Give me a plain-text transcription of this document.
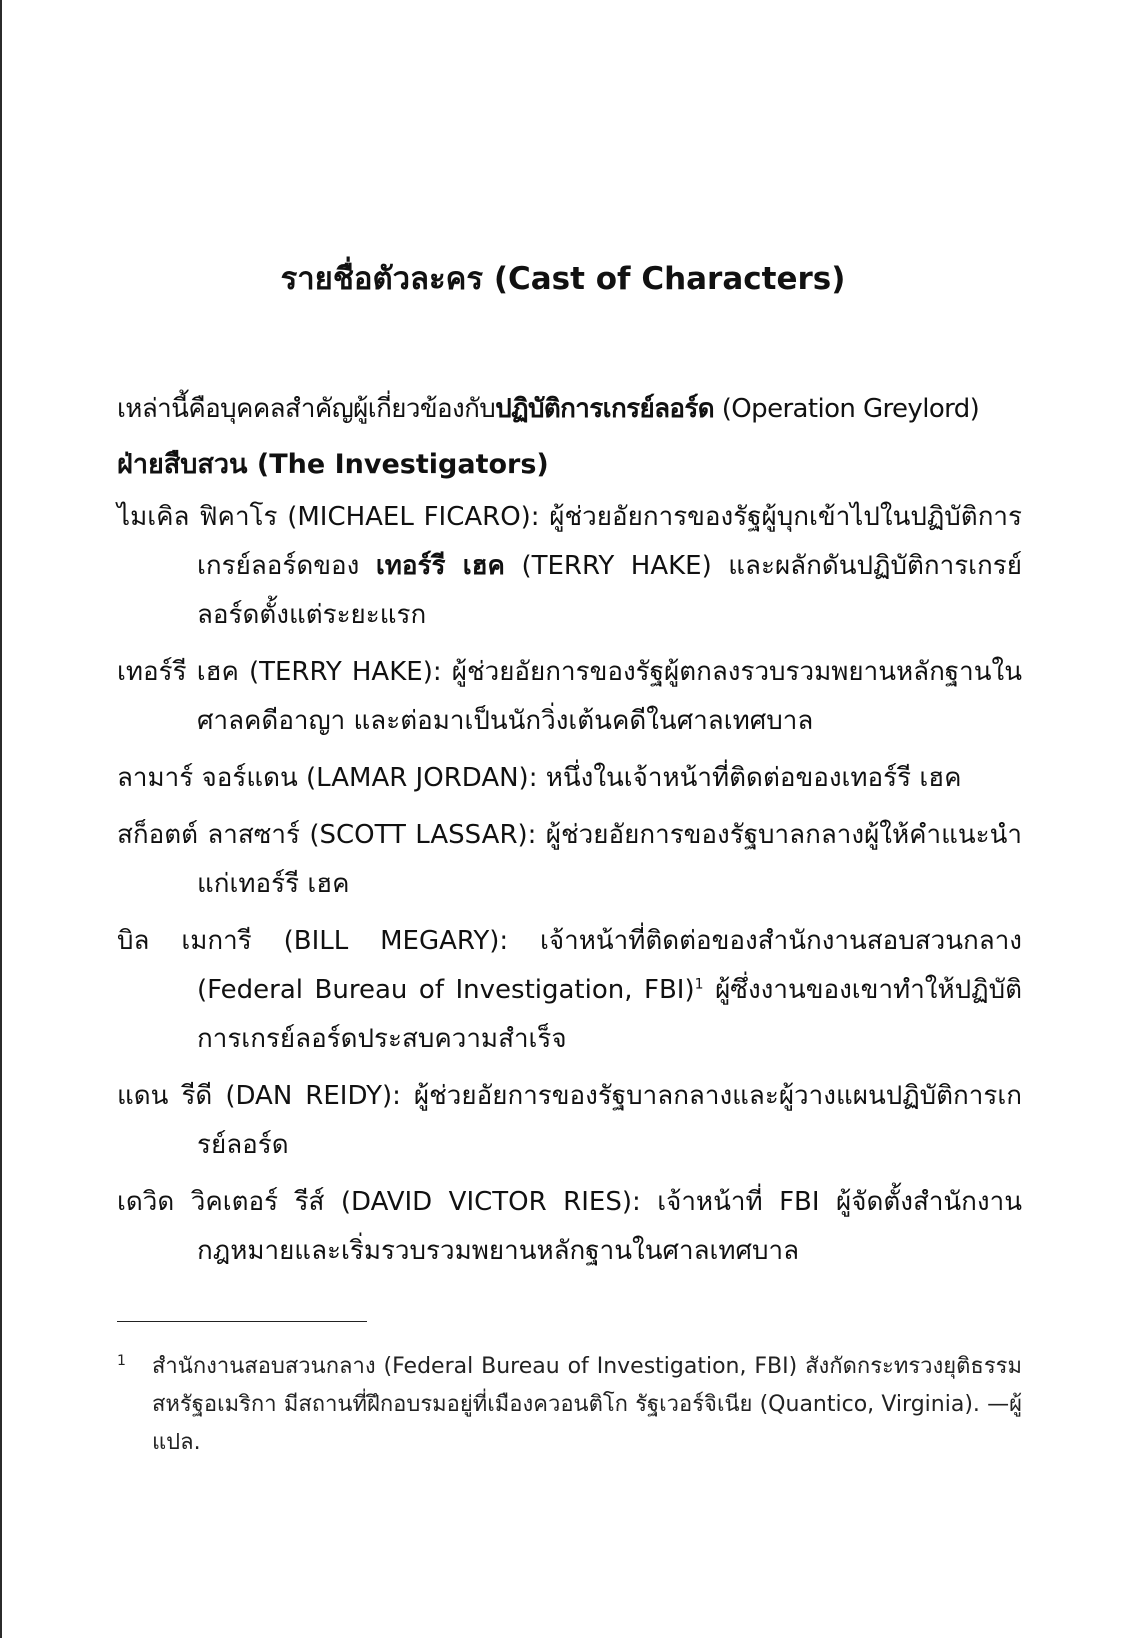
รายชื่อตัวละคร (Cast of Characters)

เหล่านี้คือบุคคลสำคัญผู้เกี่ยวข้องกับปฏิบัติการเกรย์ลอร์ด (Operation Greylord)

ฝ่ายสืบสวน (The Investigators)

ไมเคิล ฟิคาโร (MICHAEL FICARO): ผู้ช่วยอัยการของรัฐผู้บุกเข้าไปในปฏิบัติการเกรย์ลอร์ดของ เทอร์รี เฮค (TERRY HAKE) และผลักดันปฏิบัติการเกรย์ลอร์ดตั้งแต่ระยะแรก

เทอร์รี เฮค (TERRY HAKE): ผู้ช่วยอัยการของรัฐผู้ตกลงรวบรวมพยานหลักฐานในศาลคดีอาญา และต่อมาเป็นนักวิ่งเต้นคดีในศาลเทศบาล

ลามาร์ จอร์แดน (LAMAR JORDAN): หนึ่งในเจ้าหน้าที่ติดต่อของเทอร์รี เฮค

สก็อตต์ ลาสซาร์ (SCOTT LASSAR): ผู้ช่วยอัยการของรัฐบาลกลางผู้ให้คำแนะนำแก่เทอร์รี เฮค

บิล เมการี (BILL MEGARY): เจ้าหน้าที่ติดต่อของสำนักงานสอบสวนกลาง (Federal Bureau of Investigation, FBI)$^1$ ผู้ซึ่งงานของเขาทำให้ปฏิบัติการเกรย์ลอร์ดประสบความสำเร็จ

แดน รีดี (DAN REIDY): ผู้ช่วยอัยการของรัฐบาลกลางและผู้วางแผนปฏิบัติการเกรย์ลอร์ด

เดวิด วิคเตอร์ รีส์ (DAVID VICTOR RIES): เจ้าหน้าที่ FBI ผู้จัดตั้งสำนักงานกฎหมายและเริ่มรวบรวมพยานหลักฐานในศาลเทศบาล

1 สำนักงานสอบสวนกลาง (Federal Bureau of Investigation, FBI) สังกัดกระทรวงยุติธรรมสหรัฐอเมริกา มีสถานที่ฝึกอบรมอยู่ที่เมืองควอนติโก รัฐเวอร์จิเนีย (Quantico, Virginia). —ผู้แปล.
